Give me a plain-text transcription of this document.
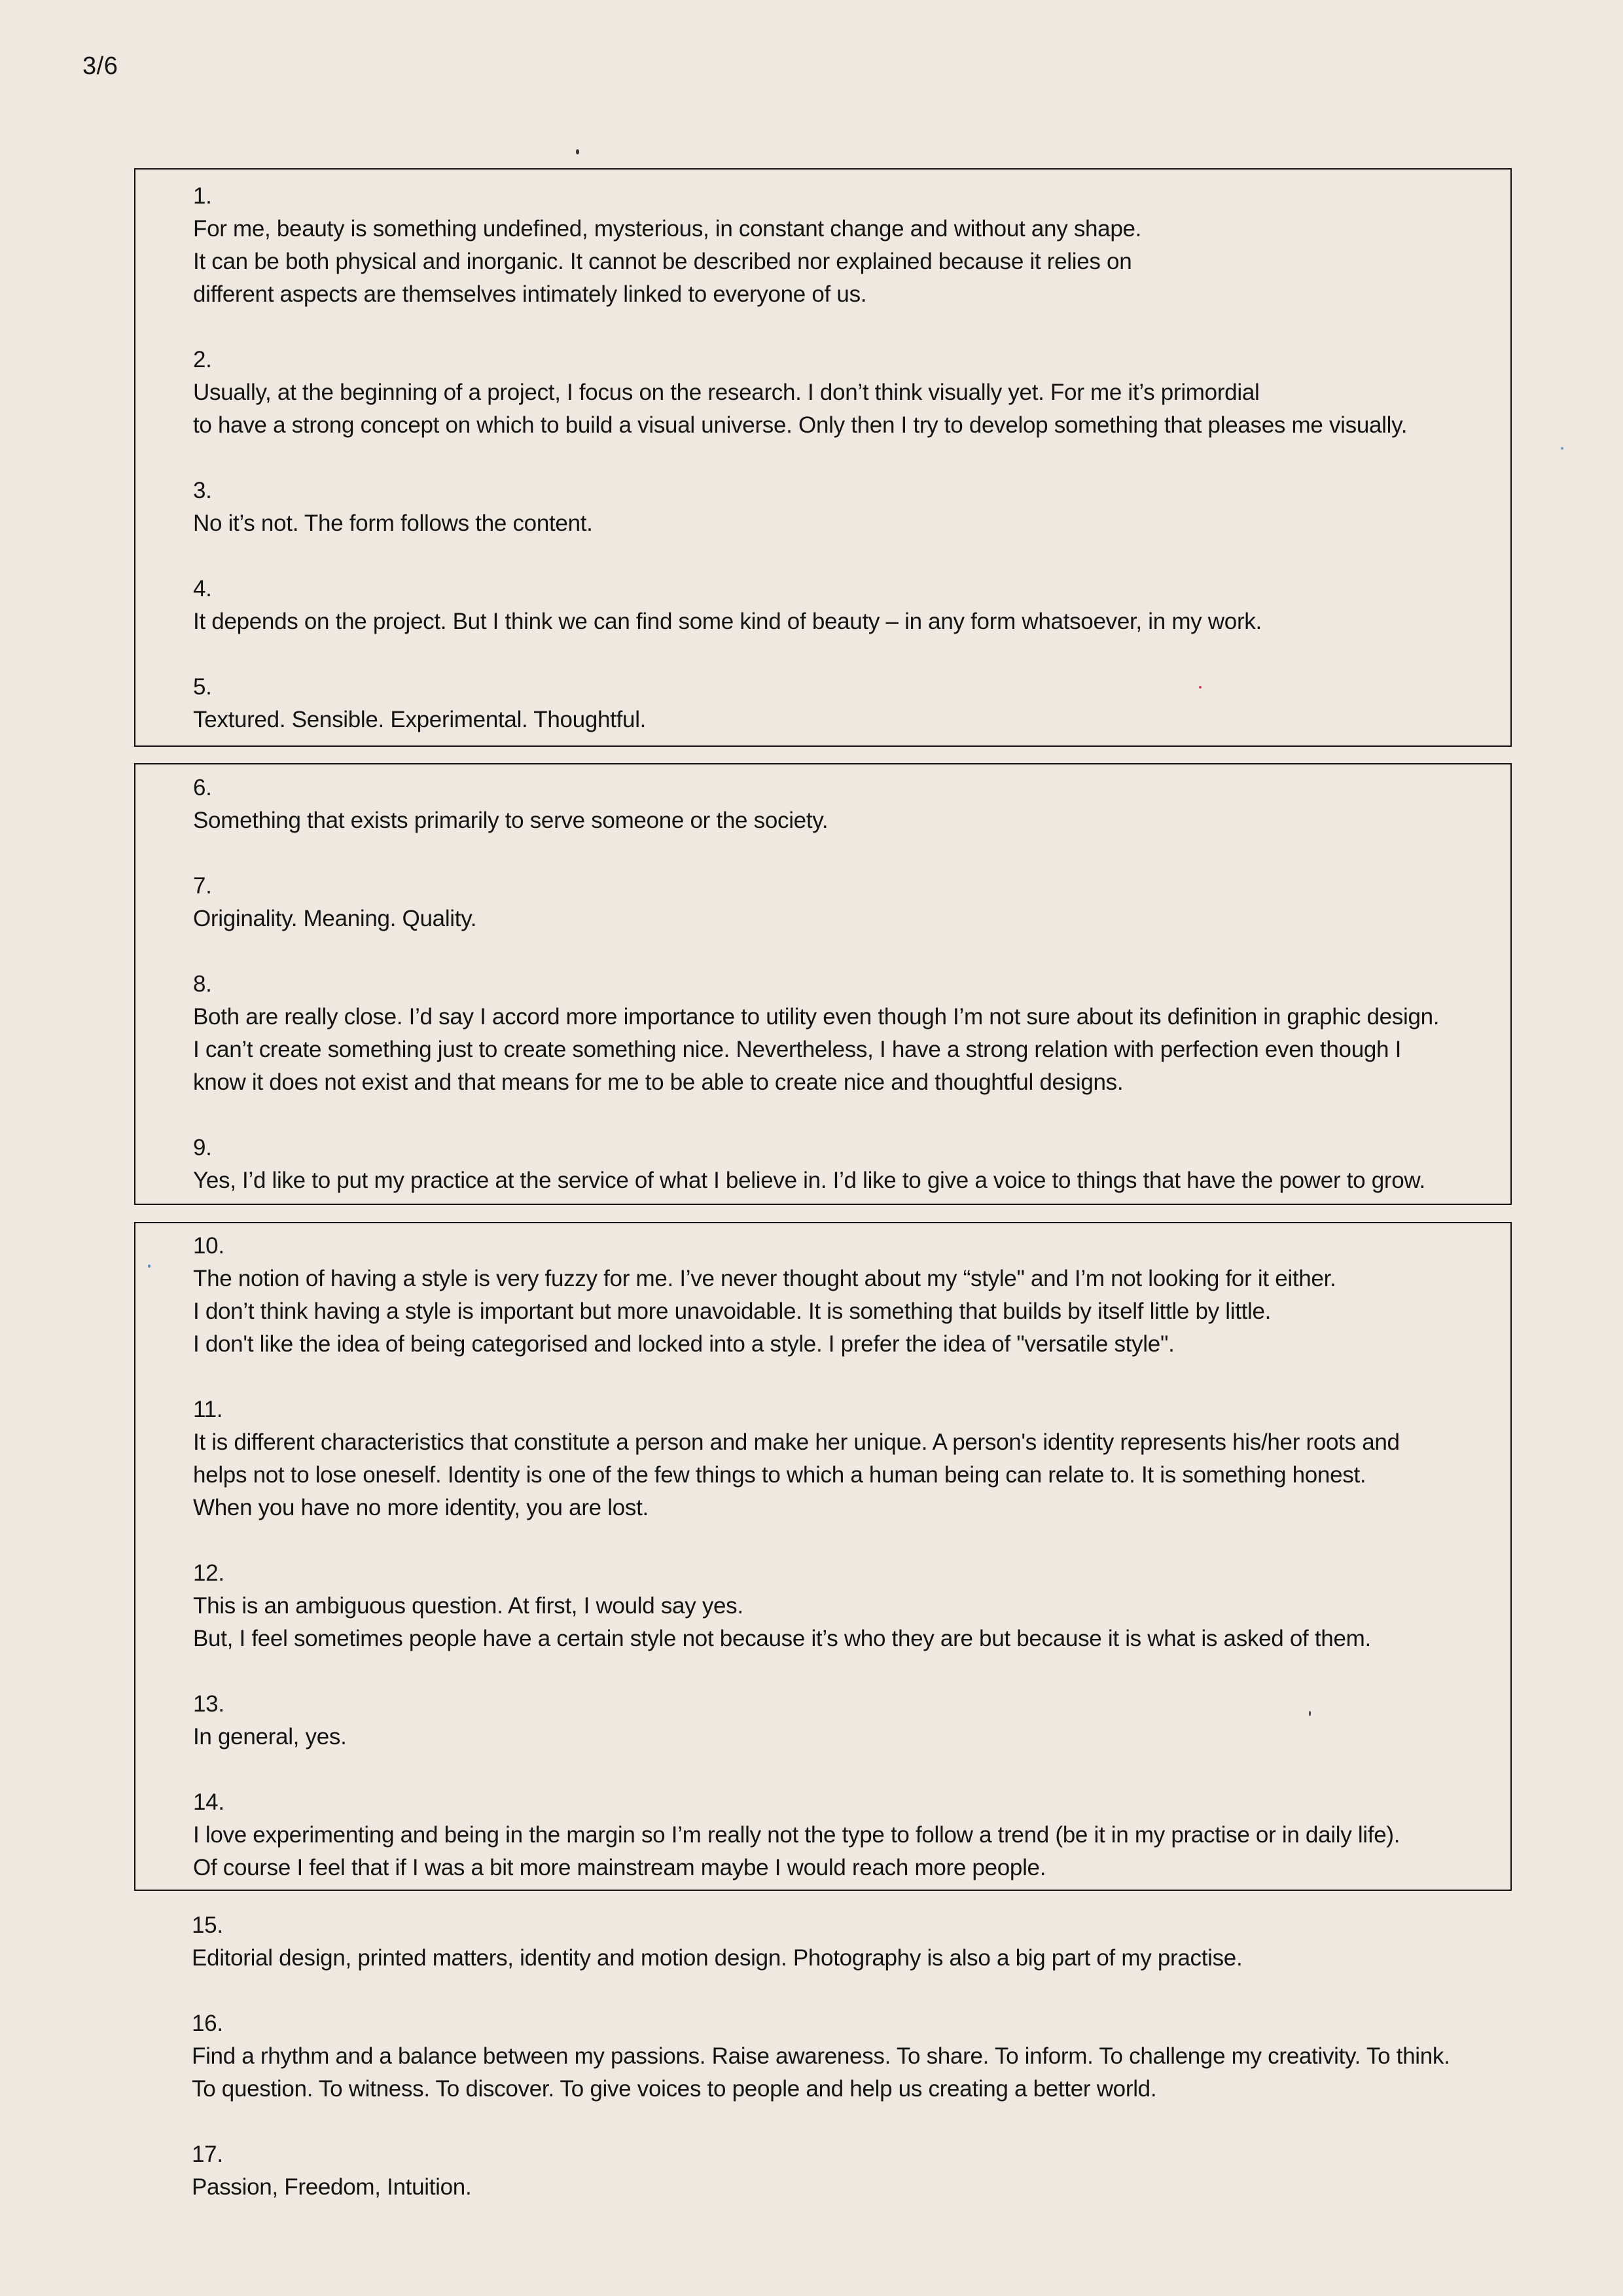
3/6
1.
For me, beauty is something undefined, mysterious, in constant change and without any shape.
It can be both physical and inorganic. It cannot be described nor explained because it relies on
different aspects are themselves intimately linked to everyone of us.
2.
Usually, at the beginning of a project, I focus on the research. I don’t think visually yet. For me it’s primordial
to have a strong concept on which to build a visual universe. Only then I try to develop something that pleases me visually.
3.
No it’s not. The form follows the content.
4.
It depends on the project. But I think we can find some kind of beauty – in any form whatsoever, in my work.
5.
Textured. Sensible. Experimental. Thoughtful.
6.
Something that exists primarily to serve someone or the society.
7.
Originality. Meaning. Quality.
8.
Both are really close. I’d say I accord more importance to utility even though I’m not sure about its definition in graphic design.
I can’t create something just to create something nice. Nevertheless, I have a strong relation with perfection even though I
know it does not exist and that means for me to be able to create nice and thoughtful designs.
9.
Yes, I’d like to put my practice at the service of what I believe in. I’d like to give a voice to things that have the power to grow.
10.
The notion of having a style is very fuzzy for me. I’ve never thought about my “style" and I’m not looking for it either.
I don’t think having a style is important but more unavoidable. It is something that builds by itself little by little.
I don't like the idea of being categorised and locked into a style. I prefer the idea of "versatile style".
11.
It is different characteristics that constitute a person and make her unique. A person's identity represents his/her roots and
helps not to lose oneself. Identity is one of the few things to which a human being can relate to. It is something honest.
When you have no more identity, you are lost.
12.
This is an ambiguous question. At first, I would say yes.
But, I feel sometimes people have a certain style not because it’s who they are but because it is what is asked of them.
13.
In general, yes.
14.
I love experimenting and being in the margin so I’m really not the type to follow a trend (be it in my practise or in daily life).
Of course I feel that if I was a bit more mainstream maybe I would reach more people.
15.
Editorial design, printed matters, identity and motion design. Photography is also a big part of my practise.
16.
Find a rhythm and a balance between my passions. Raise awareness. To share. To inform. To challenge my creativity. To think.
To question. To witness. To discover. To give voices to people and help us creating a better world.
17.
Passion, Freedom, Intuition.
